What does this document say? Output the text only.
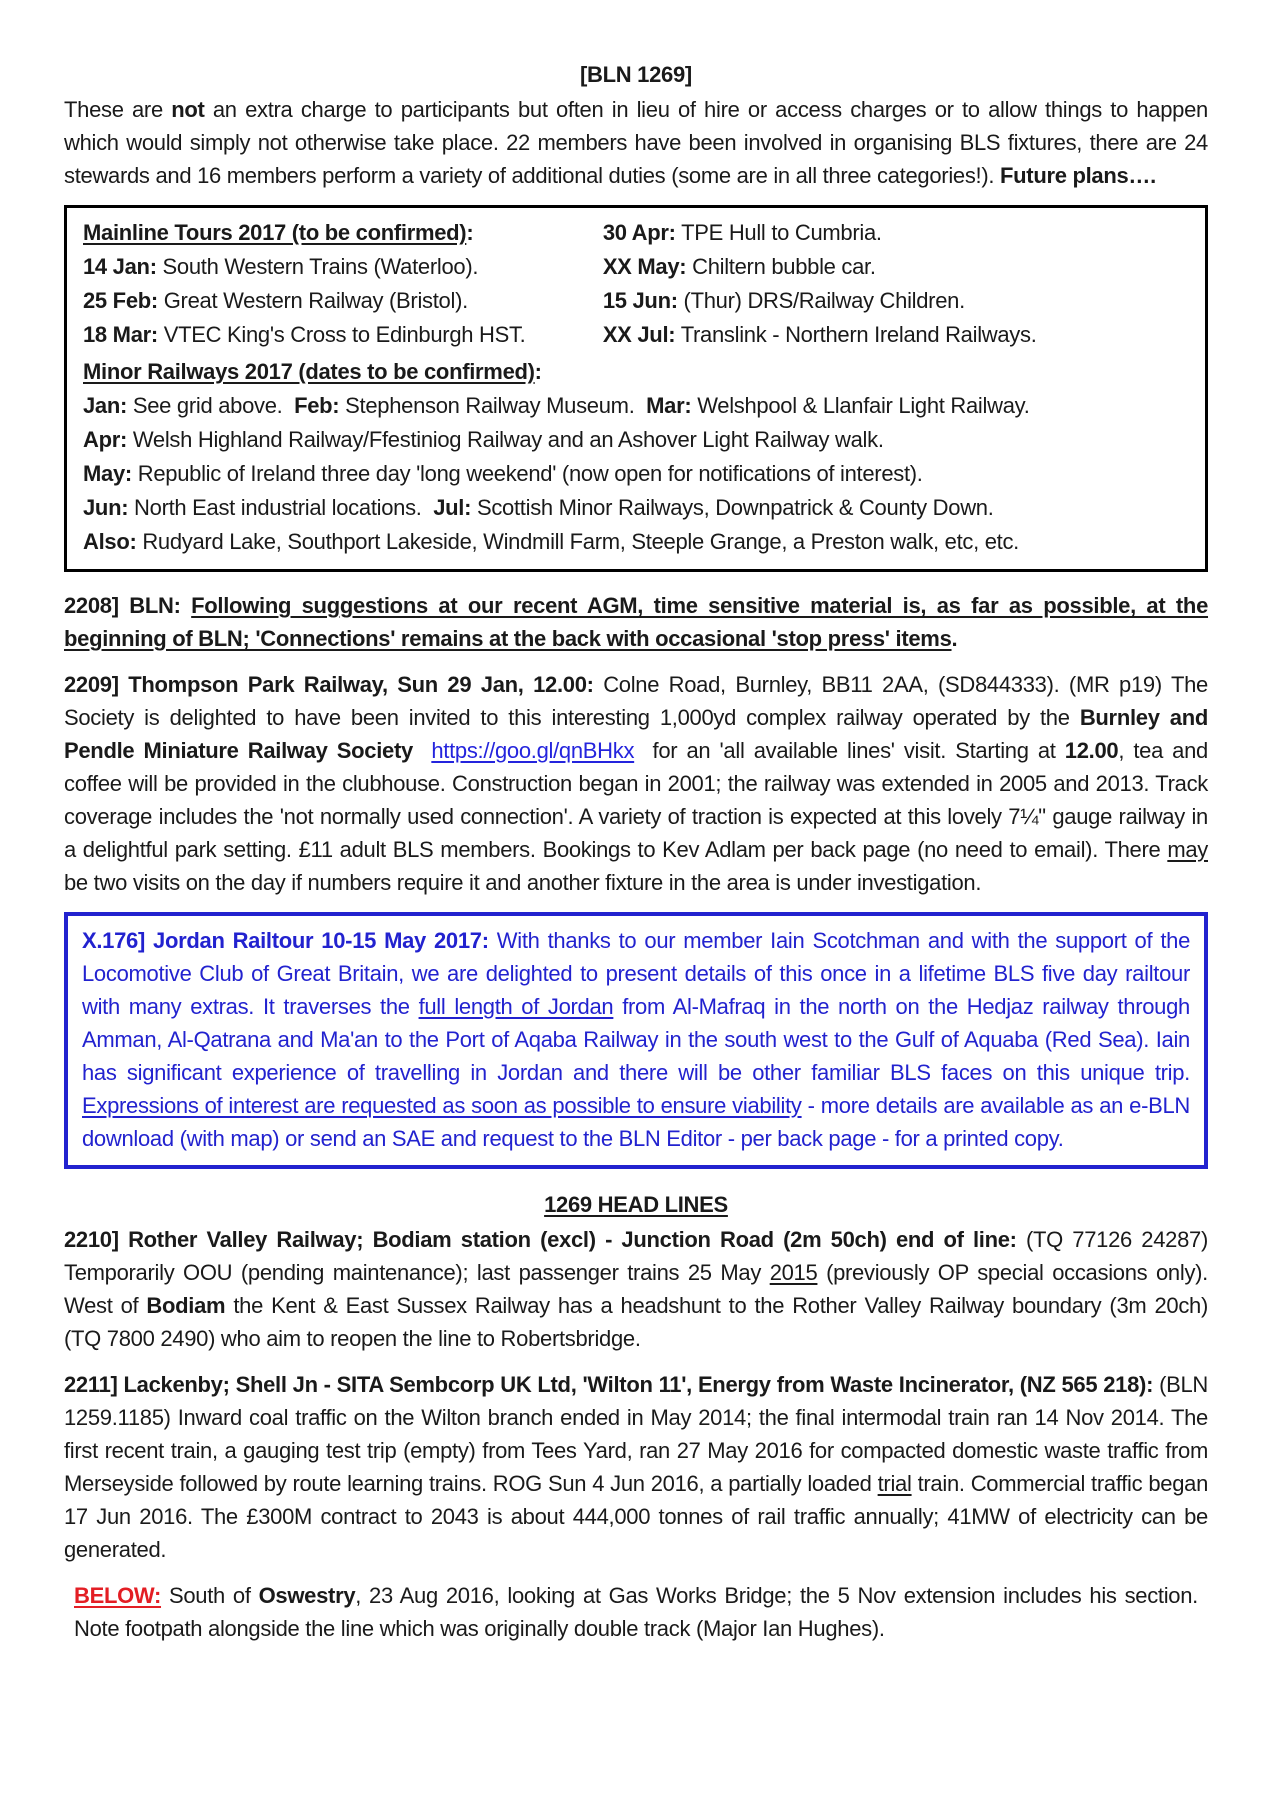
[BLN 1269]

These are not an extra charge to participants but often in lieu of hire or access charges or to allow things to happen which would simply not otherwise take place. 22 members have been involved in organising BLS fixtures, there are 24 stewards and 16 members perform a variety of additional duties (some are in all three categories!). Future plans….

Mainline Tours 2017 (to be confirmed):	30 Apr: TPE Hull to Cumbria.
14 Jan: South Western Trains (Waterloo).	XX May: Chiltern bubble car.
25 Feb: Great Western Railway (Bristol).	15 Jun: (Thur) DRS/Railway Children.
18 Mar: VTEC King's Cross to Edinburgh HST.	XX Jul: Translink - Northern Ireland Railways.
Minor Railways 2017 (dates to be confirmed):
Jan: See grid above.  Feb: Stephenson Railway Museum.  Mar: Welshpool & Llanfair Light Railway.
Apr: Welsh Highland Railway/Ffestiniog Railway and an Ashover Light Railway walk.
May: Republic of Ireland three day 'long weekend' (now open for notifications of interest).
Jun: North East industrial locations.  Jul: Scottish Minor Railways, Downpatrick & County Down.
Also: Rudyard Lake, Southport Lakeside, Windmill Farm, Steeple Grange, a Preston walk, etc, etc.

2208] BLN: Following suggestions at our recent AGM, time sensitive material is, as far as possible, at the beginning of BLN; 'Connections' remains at the back with occasional 'stop press' items.

2209] Thompson Park Railway, Sun 29 Jan, 12.00: Colne Road, Burnley, BB11 2AA, (SD844333). (MR p19) The Society is delighted to have been invited to this interesting 1,000yd complex railway operated by the Burnley and Pendle Miniature Railway Society https://goo.gl/qnBHkx  for an 'all available lines' visit. Starting at 12.00, tea and coffee will be provided in the clubhouse. Construction began in 2001; the railway was extended in 2005 and 2013. Track coverage includes the 'not normally used connection'. A variety of traction is expected at this lovely 7¼" gauge railway in a delightful park setting. £11 adult BLS members. Bookings to Kev Adlam per back page (no need to email). There may be two visits on the day if numbers require it and another fixture in the area is under investigation.

X.176] Jordan Railtour 10-15 May 2017: With thanks to our member Iain Scotchman and with the support of the Locomotive Club of Great Britain, we are delighted to present details of this once in a lifetime BLS five day railtour with many extras. It traverses the full length of Jordan from Al-Mafraq in the north on the Hedjaz railway through Amman, Al-Qatrana and Ma'an to the Port of Aqaba Railway in the south west to the Gulf of Aquaba (Red Sea). Iain has significant experience of travelling in Jordan and there will be other familiar BLS faces on this unique trip. Expressions of interest are requested as soon as possible to ensure viability - more details are available as an e-BLN download (with map) or send an SAE and request to the BLN Editor - per back page - for a printed copy.
1269 HEAD LINES

2210] Rother Valley Railway; Bodiam station (excl) - Junction Road (2m 50ch) end of line: (TQ 77126 24287) Temporarily OOU (pending maintenance); last passenger trains 25 May 2015 (previously OP special occasions only). West of Bodiam the Kent & East Sussex Railway has a headshunt to the Rother Valley Railway boundary (3m 20ch) (TQ 7800 2490) who aim to reopen the line to Robertsbridge.

2211] Lackenby; Shell Jn - SITA Sembcorp UK Ltd, 'Wilton 11', Energy from Waste Incinerator, (NZ 565 218): (BLN 1259.1185) Inward coal traffic on the Wilton branch ended in May 2014; the final intermodal train ran 14 Nov 2014. The first recent train, a gauging test trip (empty) from Tees Yard, ran 27 May 2016 for compacted domestic waste traffic from Merseyside followed by route learning trains. ROG Sun 4 Jun 2016, a partially loaded trial train. Commercial traffic began 17 Jun 2016. The £300M contract to 2043 is about 444,000 tonnes of rail traffic annually; 41MW of electricity can be generated.

BELOW: South of Oswestry, 23 Aug 2016, looking at Gas Works Bridge; the 5 Nov extension includes his section. Note footpath alongside the line which was originally double track (Major Ian Hughes).
